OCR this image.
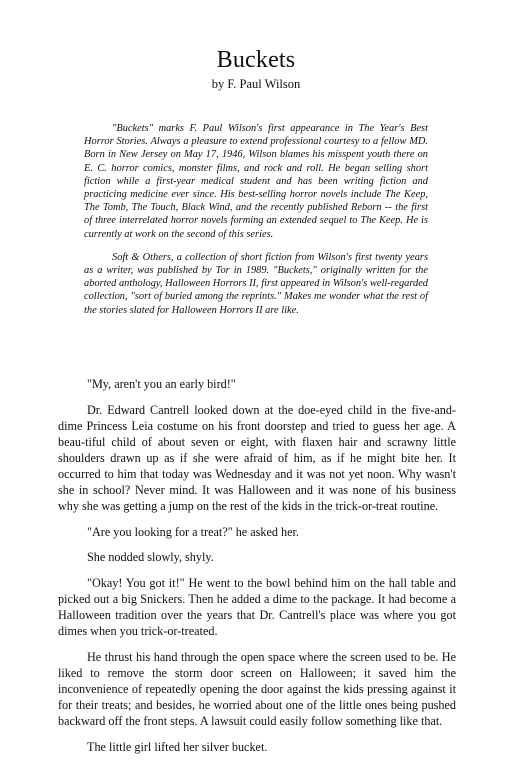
Buckets
by F. Paul Wilson

"Buckets" marks F. Paul Wilson's first appearance in The Year's Best Horror Stories. Always a pleasure to extend professional courtesy to a fellow MD. Born in New Jersey on May 17, 1946, Wilson blames his misspent youth there on E. C. horror comics, monster films, and rock and roll. He began selling short fiction while a first-year medical student and has been writing fiction and practicing medicine ever since. His best-selling horror novels include The Keep, The Tomb, The Touch, Black Wind, and the recently published Reborn -- the first of three interrelated horror novels forming an extended sequel to The Keep. He is currently at work on the second of this series.

Soft & Others, a collection of short fiction from Wilson's first twenty years as a writer, was published by Tor in 1989. "Buckets," originally written for the aborted anthology, Halloween Horrors II, first appeared in Wilson's well-regarded collection, "sort of buried among the reprints." Makes me wonder what the rest of the stories slated for Halloween Horrors II are like.

"My, aren't you an early bird!"

Dr. Edward Cantrell looked down at the doe-eyed child in the five-and-dime Princess Leia costume on his front doorstep and tried to guess her age. A beau-tiful child of about seven or eight, with flaxen hair and scrawny little shoulders drawn up as if she were afraid of him, as if he might bite her. It occurred to him that today was Wednesday and it was not yet noon. Why wasn't she in school? Never mind. It was Halloween and it was none of his business why she was getting a jump on the rest of the kids in the trick-or-treat routine.

"Are you looking for a treat?" he asked her.

She nodded slowly, shyly.

"Okay! You got it!" He went to the bowl behind him on the hall table and picked out a big Snickers. Then he added a dime to the package. It had become a Halloween tradition over the years that Dr. Cantrell's place was where you got dimes when you trick-or-treated.

He thrust his hand through the open space where the screen used to be. He liked to remove the storm door screen on Halloween; it saved him the inconvenience of repeatedly opening the door against the kids pressing against it for their treats; and besides, he worried about one of the little ones being pushed backward off the front steps. A lawsuit could easily follow something like that.

The little girl lifted her silver bucket.
